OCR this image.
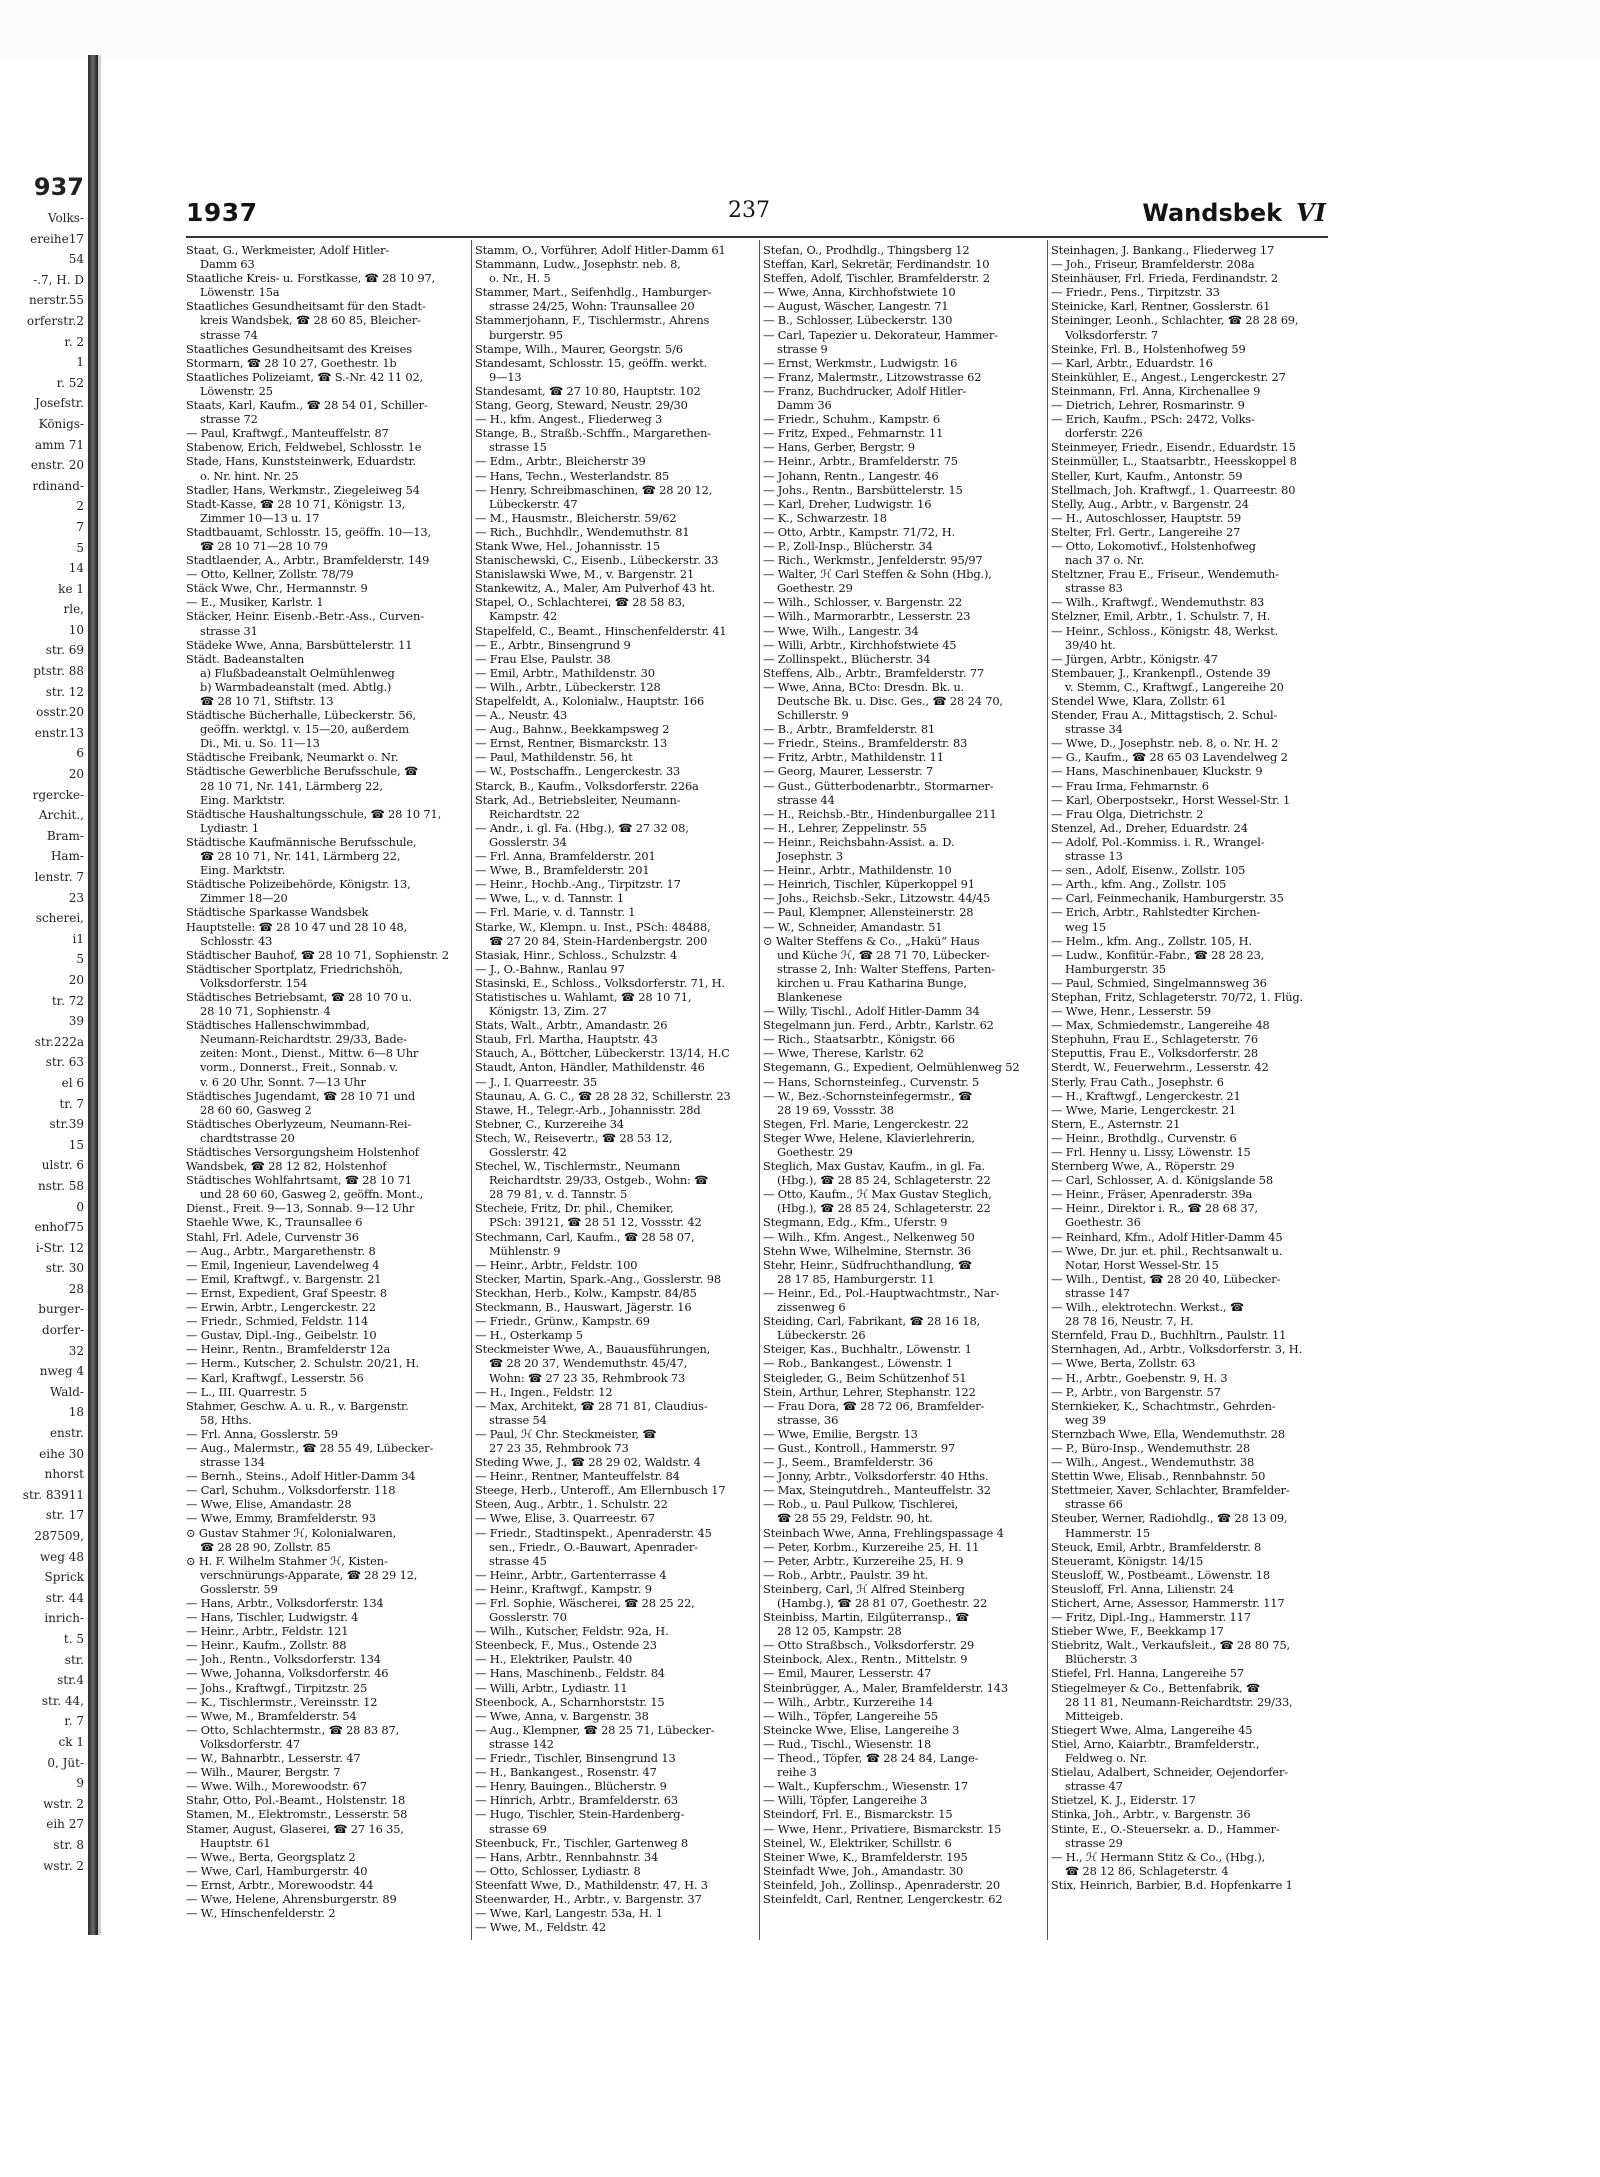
937
Volks-
ereihe17
54
-.7, H. D
nerstr.55
orferstr.2
r. 2
1
r. 52
Josefstr.
Königs-
amm 71
enstr. 20
rdinand-
2
7
5
14
ke 1
rle,
10
str. 69
ptstr. 88
str. 12
osstr.20
enstr.13
6
20
rgercke-
Archit.,
Bram-
Ham-
lenstr. 7
23
scherei,
i1
5
20
tr. 72
39
str.222a
str. 63
el 6
tr. 7
str.39
15
ulstr. 6
nstr. 58
0
enhof75
i-Str. 12
str. 30
28
burger-
dorfer-
32
nweg 4
Wald-
18
enstr.
eihe 30
nhorst
str. 83911
str. 17
287509,
weg 48
Sprick
str. 44
inrich-
t. 5
str.
str.4
str. 44,
r. 7
ck 1
0, Jüt-
9
wstr. 2
eih 27
str. 8
wstr. 2
1937	237	Wandsbek VI
Staat, G., Werkmeister, Adolf Hitler-
Damm 63
Staatliche Kreis- u. Forstkasse, ☎ 28 10 97,
Löwenstr. 15a
Staatliches Gesundheitsamt für den Stadt-
kreis Wandsbek, ☎ 28 60 85, Bleicher-
strasse 74
Staatliches Gesundheitsamt des Kreises
Stormarn, ☎ 28 10 27, Goethestr. 1b
Staatliches Polizeiamt, ☎ S.-Nr. 42 11 02,
Löwenstr. 25
Staats, Karl, Kaufm., ☎ 28 54 01, Schiller-
strasse 72
— Paul, Kraftwgf., Manteuffelstr. 87
Stabenow, Erich, Feldwebel, Schlosstr. 1e
Stade, Hans, Kunststeinwerk, Eduardstr.
o. Nr. hint. Nr. 25
Stadler, Hans, Werkmstr., Ziegeleiweg 54
Stadt-Kasse, ☎ 28 10 71, Königstr. 13,
Zimmer 10—13 u. 17
Stadtbauamt, Schlosstr. 15, geöffn. 10—13,
☎ 28 10 71—28 10 79
Stadtlaender, A., Arbtr., Bramfelderstr. 149
— Otto, Kellner, Zollstr. 78/79
Stäck Wwe, Chr., Hermannstr. 9
— E., Musiker, Karlstr. 1
Stäcker, Heinr. Eisenb.-Betr.-Ass., Curven-
strasse 31
Städeke Wwe, Anna, Barsbüttelerstr. 11
Städt. Badeanstalten
a) Flußbadeanstalt Oelmühlenweg
b) Warmbadeanstalt (med. Abtlg.)
☎ 28 10 71, Stiftstr. 13
Städtische Bücherhalle, Lübeckerstr. 56,
geöffn. werktgl. v. 15—20, außerdem
Di., Mi. u. So. 11—13
Städtische Freibank, Neumarkt o. Nr.
Städtische Gewerbliche Berufsschule, ☎
28 10 71, Nr. 141, Lärmberg 22,
Eing. Marktstr.
Städtische Haushaltungsschule, ☎ 28 10 71,
Lydiastr. 1
Städtische Kaufmännische Berufsschule,
☎ 28 10 71, Nr. 141, Lärmberg 22,
Eing. Marktstr.
Städtische Polizeibehörde, Königstr. 13,
Zimmer 18—20
Städtische Sparkasse Wandsbek
Hauptstelle: ☎ 28 10 47 und 28 10 48,
Schlosstr. 43
Städtischer Bauhof, ☎ 28 10 71, Sophienstr. 2
Städtischer Sportplatz, Friedrichshöh,
Volksdorferstr. 154
Städtisches Betriebsamt, ☎ 28 10 70 u.
28 10 71, Sophienstr. 4
Städtisches Hallenschwimmbad,
Neumann-Reichardtstr. 29/33, Bade-
zeiten: Mont., Dienst., Mittw. 6—8 Uhr
vorm., Donnerst., Freit., Sonnab. v.
v. 6 20 Uhr, Sonnt. 7—13 Uhr
Städtisches Jugendamt, ☎ 28 10 71 und
28 60 60, Gasweg 2
Städtisches Oberlyzeum, Neumann-Rei-
chardtstrasse 20
Städtisches Versorgungsheim Holstenhof
Wandsbek, ☎ 28 12 82, Holstenhof
Städtisches Wohlfahrtsamt, ☎ 28 10 71
und 28 60 60, Gasweg 2, geöffn. Mont.,
Dienst., Freit. 9—13, Sonnab. 9—12 Uhr
Staehle Wwe, K., Traunsallee 6
Stahl, Frl. Adele, Curvenstr 36
— Aug., Arbtr., Margarethenstr. 8
— Emil, Ingenieur, Lavendelweg 4
— Emil, Kraftwgf., v. Bargenstr. 21
— Ernst, Expedient, Graf Speestr. 8
— Erwin, Arbtr., Lengerckestr. 22
— Friedr., Schmied, Feldstr. 114
— Gustav, Dipl.-Ing., Geibelstr. 10
— Heinr., Rentn., Bramfelderstr 12a
— Herm., Kutscher, 2. Schulstr. 20/21, H.
— Karl, Kraftwgf., Lesserstr. 56
— L., III. Quarrestr. 5
Stahmer, Geschw. A. u. R., v. Bargenstr.
58, Hths.
— Frl. Anna, Gosslerstr. 59
— Aug., Malermstr., ☎ 28 55 49, Lübecker-
strasse 134
— Bernh., Steins., Adolf Hitler-Damm 34
— Carl, Schuhm., Volksdorferstr. 118
— Wwe, Elise, Amandastr. 28
— Wwe, Emmy, Bramfelderstr. 93
⊙ Gustav Stahmer ℋ, Kolonialwaren,
☎ 28 28 90, Zollstr. 85
⊙ H. F. Wilhelm Stahmer ℋ, Kisten-
verschnürungs-Apparate, ☎ 28 29 12,
Gosslerstr. 59
— Hans, Arbtr., Volksdorferstr. 134
— Hans, Tischler, Ludwigstr. 4
— Heinr., Arbtr., Feldstr. 121
— Heinr., Kaufm., Zollstr. 88
— Joh., Rentn., Volksdorferstr. 134
— Wwe, Johanna, Volksdorferstr. 46
— Johs., Kraftwgf., Tirpitzstr. 25
— K., Tischlermstr., Vereinsstr. 12
— Wwe, M., Bramfelderstr. 54
— Otto, Schlachtermstr., ☎ 28 83 87,
Volksdorferstr. 47
— W., Bahnarbtr., Lesserstr. 47
— Wilh., Maurer, Bergstr. 7
— Wwe. Wilh., Morewoodstr. 67
Stahr, Otto, Pol.-Beamt., Holstenstr. 18
Stamen, M., Elektromstr., Lesserstr. 58
Stamer, August, Glaserei, ☎ 27 16 35,
Hauptstr. 61
— Wwe., Berta, Georgsplatz 2
— Wwe, Carl, Hamburgerstr. 40
— Ernst, Arbtr., Morewoodstr. 44
— Wwe, Helene, Ahrensburgerstr. 89
— W., Hinschenfelderstr. 2
Stamm, O., Vorführer, Adolf Hitler-Damm 61
Stammann, Ludw., Josephstr. neb. 8,
o. Nr., H. 5
Stammer, Mart., Seifenhdlg., Hamburger-
strasse 24/25, Wohn: Traunsallee 20
Stammerjohann, F., Tischlermstr., Ahrens
burgerstr. 95
Stampe, Wilh., Maurer, Georgstr. 5/6
Standesamt, Schlosstr. 15, geöffn. werkt.
9—13
Standesamt, ☎ 27 10 80, Hauptstr. 102
Stang, Georg, Steward, Neustr. 29/30
— H., kfm. Angest., Fliederweg 3
Stange, B., Straßb.-Schffn., Margarethen-
strasse 15
— Edm., Arbtr., Bleicherstr 39
— Hans, Techn., Westerlandstr. 85
— Henry, Schreibmaschinen, ☎ 28 20 12,
Lübeckerstr. 47
— M., Hausmstr., Bleicherstr. 59/62
— Rich., Buchhdlr., Wendemuthstr. 81
Stank Wwe, Hel., Johannisstr. 15
Stanischewski, C., Eisenb., Lübeckerstr. 33
Stanislawski Wwe, M., v. Bargenstr. 21
Stankewitz, A., Maler, Am Pulverhof 43 ht.
Stapel, O., Schlachterei, ☎ 28 58 83,
Kampstr. 42
Stapelfeld, C., Beamt., Hinschenfelderstr. 41
— E., Arbtr., Binsengrund 9
— Frau Else, Paulstr. 38
— Emil, Arbtr., Mathildenstr. 30
— Wilh., Arbtr., Lübeckerstr. 128
Stapelfeldt, A., Kolonialw., Hauptstr. 166
— A., Neustr. 43
— Aug., Bahnw., Beekkampsweg 2
— Ernst, Rentner, Bismarckstr. 13
— Paul, Mathildenstr. 56, ht
— W., Postschaffn., Lengerckestr. 33
Starck, B., Kaufm., Volksdorferstr. 226a
Stark, Ad., Betriebsleiter, Neumann-
Reichardtstr. 22
— Andr., i. gl. Fa. (Hbg.), ☎ 27 32 08,
Gosslerstr. 34
— Frl. Anna, Bramfelderstr. 201
— Wwe, B., Bramfelderstr. 201
— Heinr., Hochb.-Ang., Tirpitzstr. 17
— Wwe, L., v. d. Tannstr. 1
— Frl. Marie, v. d. Tannstr. 1
Starke, W., Klempn. u. Inst., PSch: 48488,
☎ 27 20 84, Stein-Hardenbergstr. 200
Stasiak, Hinr., Schloss., Schulzstr. 4
— J., O.-Bahnw., Ranlau 97
Stasinski, E., Schloss., Volksdorferstr. 71, H.
Statistisches u. Wahlamt, ☎ 28 10 71,
Königstr. 13, Zim. 27
Stats, Walt., Arbtr., Amandastr. 26
Staub, Frl. Martha, Hauptstr. 43
Stauch, A., Böttcher, Lübeckerstr. 13/14, H.C
Staudt, Anton, Händler, Mathildenstr. 46
— J., I. Quarreestr. 35
Staunau, A. G. C., ☎ 28 28 32, Schillerstr. 23
Stawe, H., Telegr.-Arb., Johannisstr. 28d
Stebner, C., Kurzereihe 34
Stech, W., Reisevertr., ☎ 28 53 12,
Gosslerstr. 42
Stechel, W., Tischlermstr., Neumann
Reichardtstr. 29/33, Ostgeb., Wohn: ☎
28 79 81, v. d. Tannstr. 5
Stecheie, Fritz, Dr. phil., Chemiker,
PSch: 39121, ☎ 28 51 12, Vossstr. 42
Stechmann, Carl, Kaufm., ☎ 28 58 07,
Mühlenstr. 9
— Heinr., Arbtr., Feldstr. 100
Stecker, Martin, Spark.-Ang., Gosslerstr. 98
Steckhan, Herb., Kolw., Kampstr. 84/85
Steckmann, B., Hauswart, Jägerstr. 16
— Friedr., Grünw., Kampstr. 69
— H., Osterkamp 5
Steckmeister Wwe, A., Bauausführungen,
☎ 28 20 37, Wendemuthstr. 45/47,
Wohn: ☎ 27 23 35, Rehmbrook 73
— H., Ingen., Feldstr. 12
— Max, Architekt, ☎ 28 71 81, Claudius-
strasse 54
— Paul, ℋ Chr. Steckmeister, ☎
27 23 35, Rehmbrook 73
Steding Wwe, J., ☎ 28 29 02, Waldstr. 4
— Heinr., Rentner, Manteuffelstr. 84
Steege, Herb., Unteroff., Am Ellernbusch 17
Steen, Aug., Arbtr., 1. Schulstr. 22
— Wwe, Elise, 3. Quarreestr. 67
— Friedr., Stadtinspekt., Apenraderstr. 45
sen., Friedr., O.-Bauwart, Apenrader-
strasse 45
— Heinr., Arbtr., Gartenterrasse 4
— Heinr., Kraftwgf., Kampstr. 9
— Frl. Sophie, Wäscherei, ☎ 28 25 22,
Gosslerstr. 70
— Wilh., Kutscher, Feldstr. 92a, H.
Steenbeck, F., Mus., Ostende 23
— H., Elektriker, Paulstr. 40
— Hans, Maschinenb., Feldstr. 84
— Willi, Arbtr., Lydiastr. 11
Steenbock, A., Scharnhorststr. 15
— Wwe, Anna, v. Bargenstr. 38
— Aug., Klempner, ☎ 28 25 71, Lübecker-
strasse 142
— Friedr., Tischler, Binsengrund 13
— H., Bankangest., Rosenstr. 47
— Henry, Bauingen., Blücherstr. 9
— Hinrich, Arbtr., Bramfelderstr. 63
— Hugo, Tischler, Stein-Hardenberg-
strasse 69
Steenbuck, Fr., Tischler, Gartenweg 8
— Hans, Arbtr., Rennbahnstr. 34
— Otto, Schlosser, Lydiastr. 8
Steenfatt Wwe, D., Mathildenstr. 47, H. 3
Steenwarder, H., Arbtr., v. Bargenstr. 37
— Wwe, Karl, Langestr. 53a, H. 1
— Wwe, M., Feldstr. 42
Stefan, O., Prodhdlg., Thingsberg 12
Steffan, Karl, Sekretär, Ferdinandstr. 10
Steffen, Adolf, Tischler, Bramfelderstr. 2
— Wwe, Anna, Kirchhofstwiete 10
— August, Wäscher, Langestr. 71
— B., Schlosser, Lübeckerstr. 130
— Carl, Tapezier u. Dekorateur, Hammer-
strasse 9
— Ernst, Werkmstr., Ludwigstr. 16
— Franz, Malermstr., Litzowstrasse 62
— Franz, Buchdrucker, Adolf Hitler-
Damm 36
— Friedr., Schuhm., Kampstr. 6
— Fritz, Exped., Fehmarnstr. 11
— Hans, Gerber, Bergstr. 9
— Heinr., Arbtr., Bramfelderstr. 75
— Johann, Rentn., Langestr. 46
— Johs., Rentn., Barsbüttelerstr. 15
— Karl, Dreher, Ludwigstr. 16
— K., Schwarzestr. 18
— Otto, Arbtr., Kampstr. 71/72, H.
— P., Zoll-Insp., Blücherstr. 34
— Rich., Werkmstr., Jenfelderstr. 95/97
— Walter, ℋ Carl Steffen & Sohn (Hbg.),
Goethestr. 29
— Wilh., Schlosser, v. Bargenstr. 22
— Wilh., Marmorarbtr., Lesserstr. 23
— Wwe, Wilh., Langestr. 34
— Willi, Arbtr., Kirchhofstwiete 45
— Zollinspekt., Blücherstr. 34
Steffens, Alb., Arbtr., Bramfelderstr. 77
— Wwe, Anna, BCto: Dresdn. Bk. u.
Deutsche Bk. u. Disc. Ges., ☎ 28 24 70,
Schillerstr. 9
— B., Arbtr., Bramfelderstr. 81
— Friedr., Steins., Bramfelderstr. 83
— Fritz, Arbtr., Mathildenstr. 11
— Georg, Maurer, Lesserstr. 7
— Gust., Gütterbodenarbtr., Stormarner-
strasse 44
— H., Reichsb.-Btr., Hindenburgallee 211
— H., Lehrer, Zeppelinstr. 55
— Heinr., Reichsbahn-Assist. a. D.
Josephstr. 3
— Heinr., Arbtr., Mathildenstr. 10
— Heinrich, Tischler, Küperkoppel 91
— Johs., Reichsb.-Sekr., Litzowstr. 44/45
— Paul, Klempner, Allensteinerstr. 28
— W., Schneider, Amandastr. 51
⊙ Walter Steffens & Co., „Hakü“ Haus
und Küche ℋ, ☎ 28 71 70, Lübecker-
strasse 2, Inh: Walter Steffens, Parten-
kirchen u. Frau Katharina Bunge,
Blankenese
— Willy, Tischl., Adolf Hitler-Damm 34
Stegelmann jun. Ferd., Arbtr., Karlstr. 62
— Rich., Staatsarbtr., Königstr. 66
— Wwe, Therese, Karlstr. 62
Stegemann, G., Expedient, Oelmühlenweg 52
— Hans, Schornsteinfeg., Curvenstr. 5
— W., Bez.-Schornsteinfegermstr., ☎
28 19 69, Vossstr. 38
Stegen, Frl. Marie, Lengerckestr. 22
Steger Wwe, Helene, Klavierlehrerin,
Goethestr. 29
Steglich, Max Gustav, Kaufm., in gl. Fa.
(Hbg.), ☎ 28 85 24, Schlageterstr. 22
— Otto, Kaufm., ℋ Max Gustav Steglich,
(Hbg.), ☎ 28 85 24, Schlageterstr. 22
Stegmann, Edg., Kfm., Uferstr. 9
— Wilh., Kfm. Angest., Nelkenweg 50
Stehn Wwe, Wilhelmine, Sternstr. 36
Stehr, Heinr., Südfruchthandlung, ☎
28 17 85, Hamburgerstr. 11
— Heinr., Ed., Pol.-Hauptwachtmstr., Nar-
zissenweg 6
Steiding, Carl, Fabrikant, ☎ 28 16 18,
Lübeckerstr. 26
Steiger, Kas., Buchhaltr., Löwenstr. 1
— Rob., Bankangest., Löwenstr. 1
Steigleder, G., Beim Schützenhof 51
Stein, Arthur, Lehrer, Stephanstr. 122
— Frau Dora, ☎ 28 72 06, Bramfelder-
strasse, 36
— Wwe, Emilie, Bergstr. 13
— Gust., Kontroll., Hammerstr. 97
— J., Seem., Bramfelderstr. 36
— Jonny, Arbtr., Volksdorferstr. 40 Hths.
— Max, Steingutdreh., Manteuffelstr. 32
— Rob., u. Paul Pulkow, Tischlerei,
☎ 28 55 29, Feldstr. 90, ht.
Steinbach Wwe, Anna, Frehlingspassage 4
— Peter, Korbm., Kurzereihe 25, H. 11
— Peter, Arbtr., Kurzereihe 25, H. 9
— Rob., Arbtr., Paulstr. 39 ht.
Steinberg, Carl, ℋ Alfred Steinberg
(Hambg.), ☎ 28 81 07, Goethestr. 22
Steinbiss, Martin, Eilgüterransp., ☎
28 12 05, Kampstr. 28
— Otto Straßbsch., Volksdorferstr. 29
Steinbock, Alex., Rentn., Mittelstr. 9
— Emil, Maurer, Lesserstr. 47
Steinbrügger, A., Maler, Bramfelderstr. 143
— Wilh., Arbtr., Kurzereihe 14
— Wilh., Töpfer, Langereihe 55
Steincke Wwe, Elise, Langereihe 3
— Rud., Tischl., Wiesenstr. 18
— Theod., Töpfer, ☎ 28 24 84, Lange-
reihe 3
— Walt., Kupferschm., Wiesenstr. 17
— Willi, Töpfer, Langereihe 3
Steindorf, Frl. E., Bismarckstr. 15
— Wwe, Henr., Privatiere, Bismarckstr. 15
Steinel, W., Elektriker, Schillstr. 6
Steiner Wwe, K., Bramfelderstr. 195
Steinfadt Wwe, Joh., Amandastr. 30
Steinfeld, Joh., Zollinsp., Apenraderstr. 20
Steinfeldt, Carl, Rentner, Lengerckestr. 62
Steinhagen, J. Bankang., Fliederweg 17
— Joh., Friseur, Bramfelderstr. 208a
Steinhäuser, Frl. Frieda, Ferdinandstr. 2
— Friedr., Pens., Tirpitzstr. 33
Steinicke, Karl, Rentner, Gosslerstr. 61
Steininger, Leonh., Schlachter, ☎ 28 28 69,
Volksdorferstr. 7
Steinke, Frl. B., Holstenhofweg 59
— Karl, Arbtr., Eduardstr. 16
Steinkühler, E., Angest., Lengerckestr. 27
Steinmann, Frl. Anna, Kirchenallee 9
— Dietrich, Lehrer, Rosmarinstr. 9
— Erich, Kaufm., PSch: 2472, Volks-
dorferstr. 226
Steinmeyer, Friedr., Eisendr., Eduardstr. 15
Steinmüller, L., Staatsarbtr., Heesskoppel 8
Steller, Kurt, Kaufm., Antonstr. 59
Stellmach, Joh. Kraftwgf., 1. Quarreestr. 80
Stelly, Aug., Arbtr., v. Bargenstr. 24
— H., Autoschlosser, Hauptstr. 59
Stelter, Frl. Gertr., Langereihe 27
— Otto, Lokomotivf., Holstenhofweg
nach 37 o. Nr.
Steltzner, Frau E., Friseur., Wendemuth-
strasse 83
— Wilh., Kraftwgf., Wendemuthstr. 83
Stelzner, Emil, Arbtr., 1. Schulstr. 7, H.
— Heinr., Schloss., Königstr. 48, Werkst.
39/40 ht.
— Jürgen, Arbtr., Königstr. 47
Stembauer, J., Krankenpfl., Ostende 39
v. Stemm, C., Kraftwgf., Langereihe 20
Stendel Wwe, Klara, Zollstr. 61
Stender, Frau A., Mittagstisch, 2. Schul-
strasse 34
— Wwe, D., Josephstr. neb. 8, o. Nr. H. 2
— G., Kaufm., ☎ 28 65 03 Lavendelweg 2
— Hans, Maschinenbauer, Kluckstr. 9
— Frau Irma, Fehmarnstr. 6
— Karl, Oberpostsekr., Horst Wessel-Str. 1
— Frau Olga, Dietrichstr. 2
Stenzel, Ad., Dreher, Eduardstr. 24
— Adolf, Pol.-Kommiss. i. R., Wrangel-
strasse 13
— sen., Adolf, Eisenw., Zollstr. 105
— Arth., kfm. Ang., Zollstr. 105
— Carl, Feinmechanik, Hamburgerstr. 35
— Erich, Arbtr., Rahlstedter Kirchen-
weg 15
— Helm., kfm. Ang., Zollstr. 105, H.
— Ludw., Konfitür.-Fabr., ☎ 28 28 23,
Hamburgerstr. 35
— Paul, Schmied, Singelmannsweg 36
Stephan, Fritz, Schlageterstr. 70/72, 1. Flüg.
— Wwe, Henr., Lesserstr. 59
— Max, Schmiedemstr., Langereihe 48
Stephuhn, Frau E., Schlageterstr. 76
Steputtis, Frau E., Volksdorferstr. 28
Sterdt, W., Feuerwehrm., Lesserstr. 42
Sterly, Frau Cath., Josephstr. 6
— H., Kraftwgf., Lengerckestr. 21
— Wwe, Marie, Lengerckestr. 21
Stern, E., Asternstr. 21
— Heinr., Brothdlg., Curvenstr. 6
— Frl. Henny u. Lissy, Löwenstr. 15
Sternberg Wwe, A., Röperstr. 29
— Carl, Schlosser, A. d. Königslande 58
— Heinr., Fräser, Apenraderstr. 39a
— Heinr., Direktor i. R., ☎ 28 68 37,
Goethestr. 36
— Reinhard, Kfm., Adolf Hitler-Damm 45
— Wwe, Dr. jur. et. phil., Rechtsanwalt u.
Notar, Horst Wessel-Str. 15
— Wilh., Dentist, ☎ 28 20 40, Lübecker-
strasse 147
— Wilh., elektrotechn. Werkst., ☎
28 78 16, Neustr. 7, H.
Sternfeld, Frau D., Buchhltrn., Paulstr. 11
Sternhagen, Ad., Arbtr., Volksdorferstr. 3, H.
— Wwe, Berta, Zollstr. 63
— H., Arbtr., Goebenstr. 9, H. 3
— P., Arbtr., von Bargenstr. 57
Sternkieker, K., Schachtmstr., Gehrden-
weg 39
Sternzbach Wwe, Ella, Wendemuthstr. 28
— P., Büro-Insp., Wendemuthstr. 28
— Wilh., Angest., Wendemuthstr. 38
Stettin Wwe, Elisab., Rennbahnstr. 50
Stettmeier, Xaver, Schlachter, Bramfelder-
strasse 66
Steuber, Werner, Radiohdlg., ☎ 28 13 09,
Hammerstr. 15
Steuck, Emil, Arbtr., Bramfelderstr. 8
Steueramt, Königstr. 14/15
Steusloff, W., Postbeamt., Löwenstr. 18
Steusloff, Frl. Anna, Lilienstr. 24
Stichert, Arne, Assessor, Hammerstr. 117
— Fritz, Dipl.-Ing., Hammerstr. 117
Stieber Wwe, F., Beekkamp 17
Stiebritz, Walt., Verkaufsleit., ☎ 28 80 75,
Blücherstr. 3
Stiefel, Frl. Hanna, Langereihe 57
Stiegelmeyer & Co., Bettenfabrik, ☎
28 11 81, Neumann-Reichardtstr. 29/33,
Mitteigeb.
Stiegert Wwe, Alma, Langereihe 45
Stiel, Arno, Kaiarbtr., Bramfelderstr.,
Feldweg o. Nr.
Stielau, Adalbert, Schneider, Oejendorfer-
strasse 47
Stietzel, K. J., Eiderstr. 17
Stinka, Joh., Arbtr., v. Bargenstr. 36
Stinte, E., O.-Steuersekr. a. D., Hammer-
strasse 29
— H., ℋ Hermann Stitz & Co., (Hbg.),
☎ 28 12 86, Schlageterstr. 4
Stix, Heinrich, Barbier, B.d. Hopfenkarre 1
